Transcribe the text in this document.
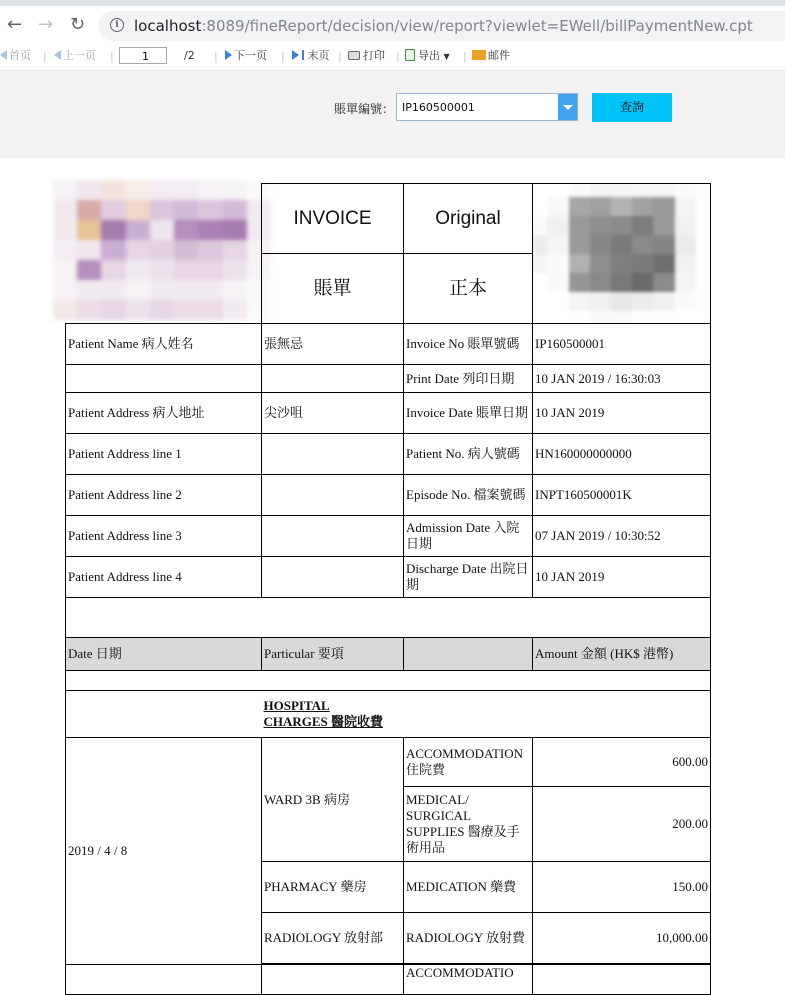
← → ↻	i	localhost:8089/fineReport/decision/view/report?viewlet=EWell/billPaymentNew.cpt
首页 |	上一页 |
1	/2 |	下一页 |	末页 |	打印 |	导出 ▼ |	邮件
賬單編號： IP160500001	查詢
	INVOICE	Original	

	賬單	正本	
Patient Name 病人姓名	張無忌	Invoice No 賬單號碼	IP160500001
		Print Date 列印日期	10 JAN 2019 / 16:30:03
Patient Address 病人地址	尖沙咀	Invoice Date 賬單日期	10 JAN 2019
Patient Address line 1		Patient No. 病人號碼	HN160000000000
Patient Address line 2		Episode No. 檔案號碼	INPT160500001K
Patient Address line 3		Admission Date 入院日期	07 JAN 2019 / 10:30:52
Patient Address line 4		Discharge Date 出院日期	10 JAN 2019

Date 日期	Particular 要項		Amount 金額 (HK$ 港幣)

	HOSPITAL
CHARGES 醫院收費		

2019 / 4 / 8	WARD 3B 病房	ACCOMMODATION 住院費	600.00
		MEDICAL/ SURGICAL SUPPLIES 醫療及手術用品	200.00
	PHARMACY 藥房	MEDICATION 藥費	150.00
	RADIOLOGY 放射部	RADIOLOGY 放射費	10,000.00

		ACCOMMODATIO	
